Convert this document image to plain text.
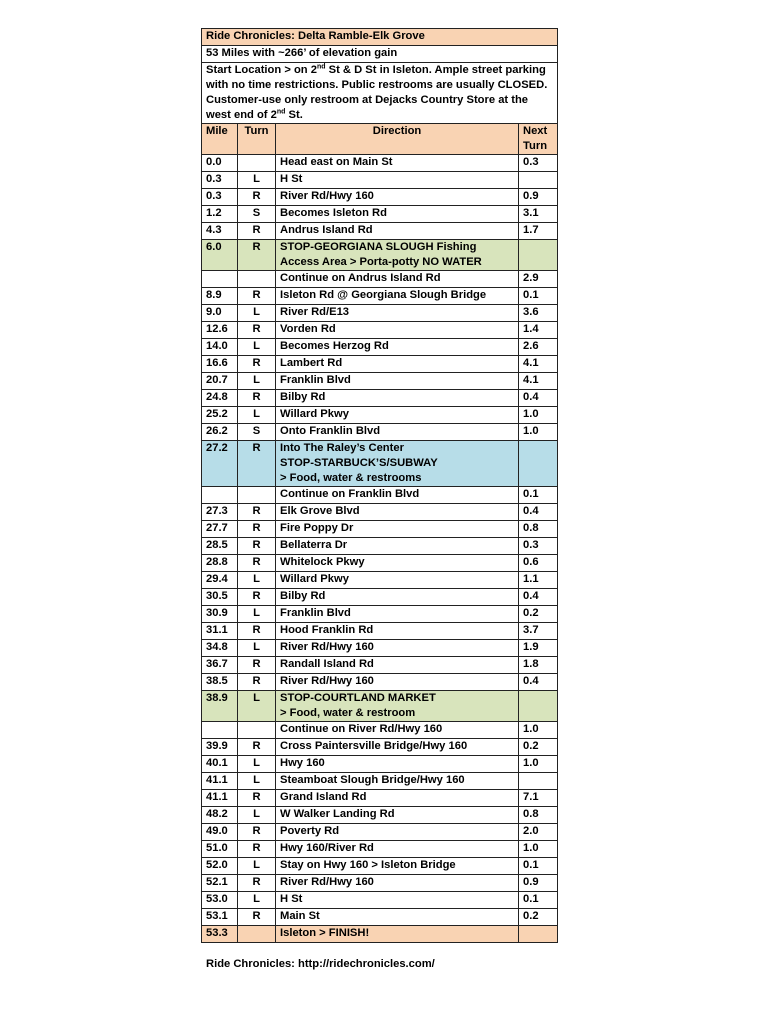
Ride Chronicles: Delta Ramble-Elk Grove			
53 Miles with ~266’ of elevation gain			
Start Location > on 2nd St & D St in Isleton. Ample street parking with no time restrictions. Public restrooms are usually CLOSED. Customer-use only restroom at Dejacks Country Store at the west end of 2nd St.			
Mile	Turn	Direction	Next
Turn

0.0		Head east on Main St	0.3
0.3	L	H St	

0.3	R	River Rd/Hwy 160	0.9
1.2	S	Becomes Isleton Rd	3.1
4.3	R	Andrus Island Rd	1.7
6.0	R	STOP-GEORGIANA SLOUGH Fishing
Access Area > Porta-potty NO WATER	

		Continue on Andrus Island Rd	2.9
8.9	R	Isleton Rd @ Georgiana Slough Bridge	0.1
9.0	L	River Rd/E13	3.6
12.6	R	Vorden Rd	1.4
14.0	L	Becomes Herzog Rd	2.6
16.6	R	Lambert Rd	4.1
20.7	L	Franklin Blvd	4.1
24.8	R	Bilby Rd	0.4
25.2	L	Willard Pkwy	1.0
26.2	S	Onto Franklin Blvd	1.0
27.2	R	Into The Raley’s Center
STOP-STARBUCK’S/SUBWAY
> Food, water & restrooms	

		Continue on Franklin Blvd	0.1
27.3	R	Elk Grove Blvd	0.4
27.7	R	Fire Poppy Dr	0.8
28.5	R	Bellaterra Dr	0.3
28.8	R	Whitelock Pkwy	0.6
29.4	L	Willard Pkwy	1.1
30.5	R	Bilby Rd	0.4
30.9	L	Franklin Blvd	0.2
31.1	R	Hood Franklin Rd	3.7
34.8	L	River Rd/Hwy 160	1.9
36.7	R	Randall Island Rd	1.8
38.5	R	River Rd/Hwy 160	0.4
38.9	L	STOP-COURTLAND MARKET
> Food, water & restroom	

		Continue on River Rd/Hwy 160	1.0
39.9	R	Cross Paintersville Bridge/Hwy 160	0.2
40.1	L	Hwy 160	1.0
41.1	L	Steamboat Slough Bridge/Hwy 160	

41.1	R	Grand Island Rd	7.1
48.2	L	W Walker Landing Rd	0.8
49.0	R	Poverty Rd	2.0
51.0	R	Hwy 160/River Rd	1.0
52.0	L	Stay on Hwy 160 > Isleton Bridge	0.1
52.1	R	River Rd/Hwy 160	0.9
53.0	L	H St	0.1
53.1	R	Main St	0.2
53.3		Isleton > FINISH!	

Ride Chronicles: http://ridechronicles.com/
